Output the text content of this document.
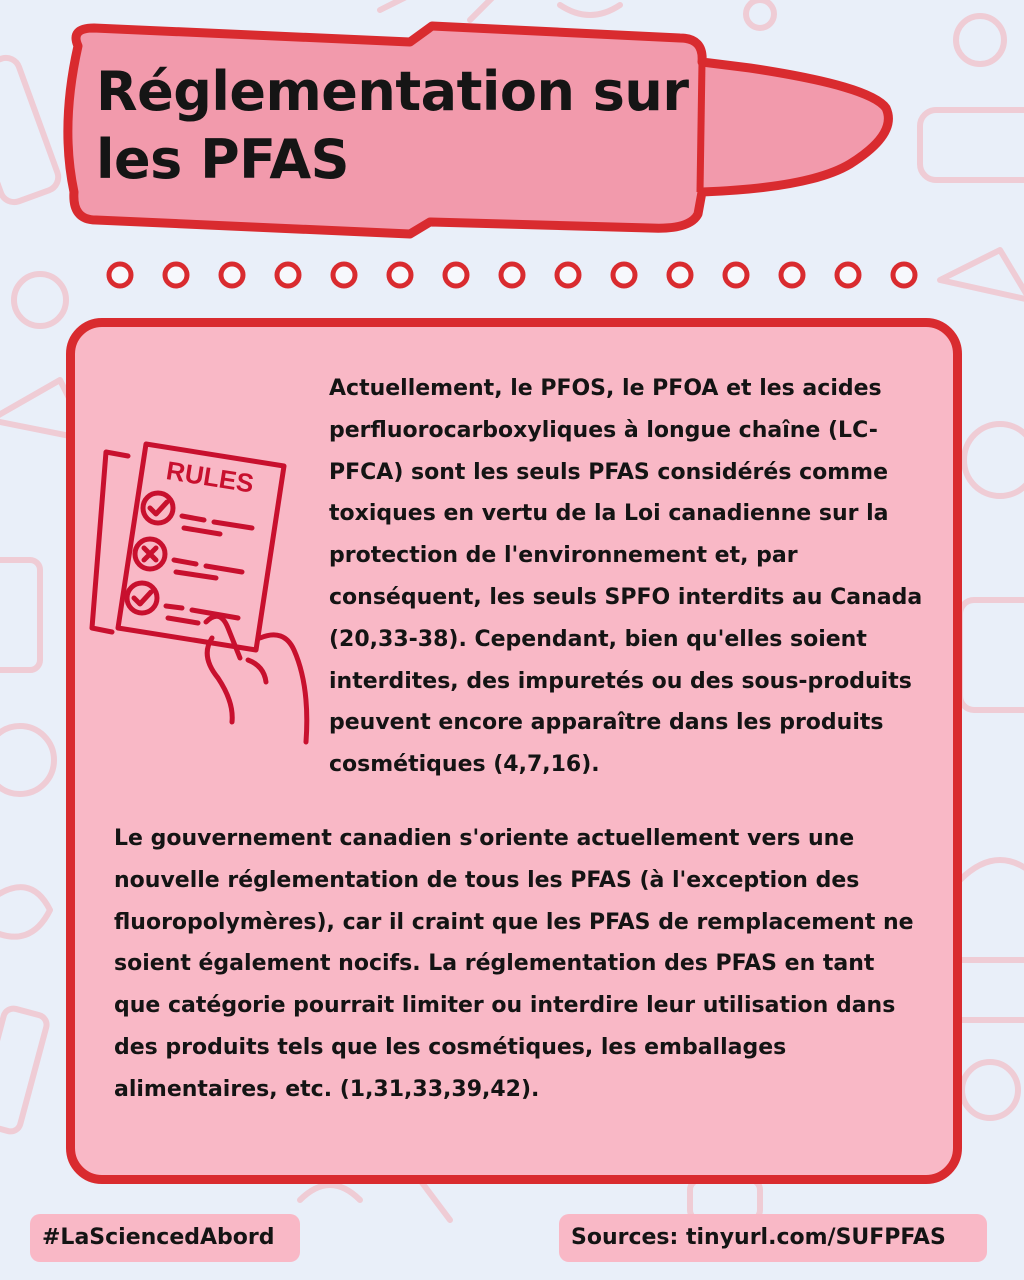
Réglementation sur les PFAS
RULES
Actuellement, le PFOS, le PFOA et les acides perfluorocarboxyliques à longue chaîne (LC-PFCA) sont les seuls PFAS considérés comme toxiques en vertu de la Loi canadienne sur la protection de l'environnement et, par conséquent, les seuls SPFO interdits au Canada (20,33-38). Cependant, bien qu'elles soient interdites, des impuretés ou des sous-produits peuvent encore apparaître dans les produits cosmétiques (4,7,16).
Le gouvernement canadien s'oriente actuellement vers une nouvelle réglementation de tous les PFAS (à l'exception des fluoropolymères), car il craint que les PFAS de remplacement ne soient également nocifs. La réglementation des PFAS en tant que catégorie pourrait limiter ou interdire leur utilisation dans des produits tels que les cosmétiques, les emballages alimentaires, etc. (1,31,33,39,42).
#LaSciencedAbord	Sources: tinyurl.com/SUFPFAS
